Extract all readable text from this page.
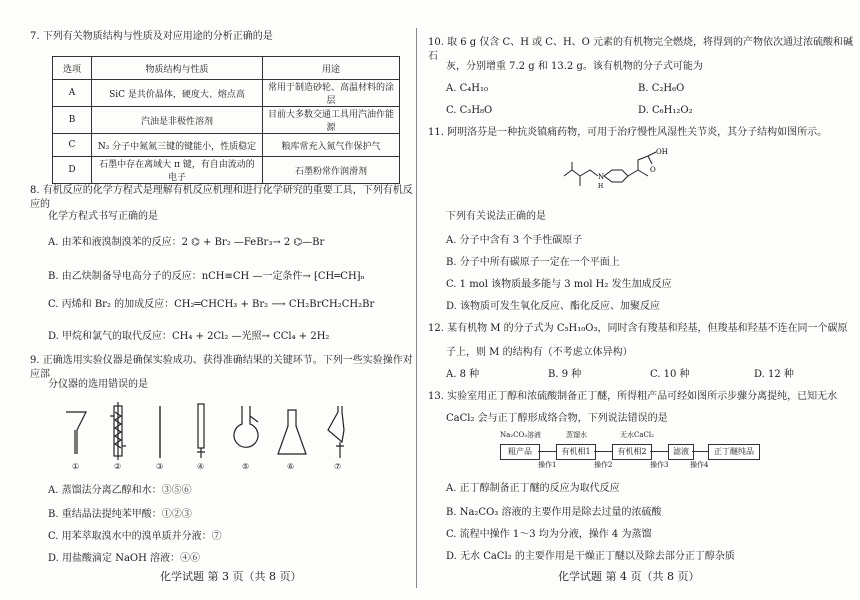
7. 下列有关物质结构与性质及对应用途的分析正确的是
选项	物质结构与性质	用途
A	SiC 是共价晶体，硬度大、熔点高	常用于制造砂轮、高温材料的涂层
B	汽油是非极性溶剂	目前大多数交通工具用汽油作能源
C	N₂ 分子中氮氮三键的键能小，性质稳定	粮库常充入氮气作保护气
D	石墨中存在离域大 π 键，有自由流动的电子	石墨粉常作润滑剂
8. 有机反应的化学方程式是理解有机反应机理和进行化学研究的重要工具，下列有机反应的
化学方程式书写正确的是
A. 由苯和液溴制溴苯的反应：2 ⌬ + Br₂ —FeBr₃→ 2 ⌬—Br
B. 由乙炔制备导电高分子的反应：nCH≡CH —一定条件→ ⁅CH═CH⁆ₙ
C. 丙烯和 Br₂ 的加成反应：CH₂═CHCH₃ + Br₂ ⟶ CH₂BrCH₂CH₂Br
D. 甲烷和氯气的取代反应：CH₄ + 2Cl₂ —光照→ CCl₄ + 2H₂
9. 正确选用实验仪器是确保实验成功、获得准确结果的关键环节。下列一些实验操作对应部
分仪器的选用错误的是
①	②	③	④	⑤	⑥	⑦
A. 蒸馏法分离乙醇和水：③⑤⑥
B. 重结晶法提纯苯甲酸：①②③
C. 用苯萃取溴水中的溴单质并分液：⑦
D. 用盐酸滴定 NaOH 溶液：④⑥
化学试题 第 3 页（共 8 页）
10. 取 6 g 仅含 C、H 或 C、H、O 元素的有机物完全燃烧，将得到的产物依次通过浓硫酸和碱石
灰，分别增重 7.2 g 和 13.2 g。该有机物的分子式可能为
A. C₄H₁₀	B. C₂H₆O
C. C₃H₈O	D. C₆H₁₂O₂
11. 阿明洛芬是一种抗炎镇痛药物，可用于治疗慢性风湿性关节炎，其分子结构如图所示。
N
H
OH
O
下列有关说法正确的是
A. 分子中含有 3 个手性碳原子
B. 分子中所有碳原子一定在一个平面上
C. 1 mol 该物质最多能与 3 mol H₂ 发生加成反应
D. 该物质可发生氧化反应、酯化反应、加聚反应
12. 某有机物 M 的分子式为 C₅H₁₀O₃，同时含有羧基和羟基，但羧基和羟基不连在同一个碳原
子上，则 M 的结构有（不考虑立体异构）
A. 8 种	B. 9 种	C. 10 种	D. 12 种
13. 实验室用正丁醇和浓硫酸制备正丁醚，所得粗产品可经如图所示步骤分离提纯，已知无水
CaCl₂ 会与正丁醇形成络合物，下列说法错误的是
Na₂CO₃溶液	蒸馏水	无水CaCl₂
粗产品	有机相1	有机相2	滤液	正丁醚纯品
操作1	操作2	操作3	操作4
A. 正丁醇制备正丁醚的反应为取代反应
B. Na₂CO₃ 溶液的主要作用是除去过量的浓硫酸
C. 流程中操作 1～3 均为分液，操作 4 为蒸馏
D. 无水 CaCl₂ 的主要作用是干燥正丁醚以及除去部分正丁醇杂质
化学试题 第 4 页（共 8 页）
